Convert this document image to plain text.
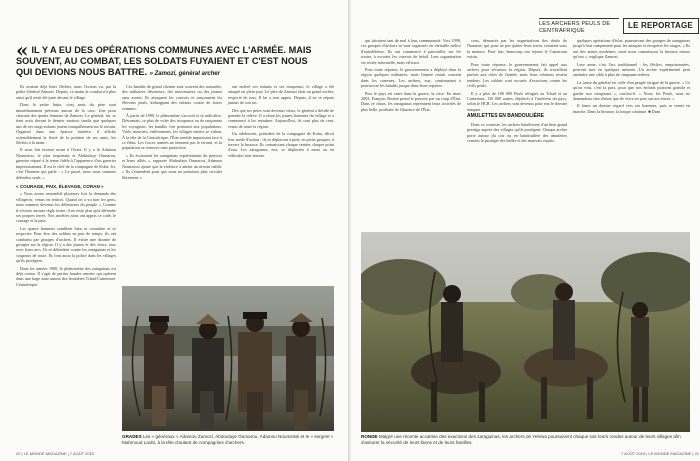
« IL Y A EU DES OPÉRATIONS COMMUNES AVEC L'ARMÉE. MAIS SOUVENT, AU COMBAT, LES SOLDATS FUYAIENT ET C'EST NOUS QUI DEVIONS NOUS BATTRE. » Zamozi, général archer

Ils avaient déjà leurs flèches, nous l'avions vu, par la petite Général Zamozi. Depuis, ce matin le combat n'a plus ainsi qu'il avait été juste devant le village.

Dans la petite hutte, cinq amis du père sont immédiatement présents autour de la case. Une pour chacune des quatre femmes de Zamozi. Le général, lui, se tient assis devant le dernier maison, tandis que quelques uns de ses vingt enfants jouent tranquillement sur le terrain. Organisé dans une épaisse barrière, il affiche ostensiblement la fierté de la poitrine de ses amis, les flèches à la main.

Il nous fait revenir avant à l'écart. Il y a là Adamou Noumsissi, le plus important et Abdoulaye Oumarou, guerrier réputé à la tenue fidèle à l'apparence d'un guerrier impressionnant. Il est le chef de la compagnie de Koba. Ici, c'est l'homme qui parle : « Le passé, nous nous sommes défendus seuls. »

« COURAGE, PAIX, ÉLEVAGE, CORAN »

« Nous avons rassemblé plusieurs fois la demande des villageois, venus en renfort. Quand on a vu tuer les gens, nous sommes devenus les défenseurs du peuple. » Comme il n'existe aucune règle écrite, il ne reste plus qu'à défendre ses propres terres. Nos ancêtres nous ont appris ce code, le courage et la paix.

Les quatre hommes semblent bien se connaître et se respecter. Pour être des soldats en peu de temps, ils ont combattu par groupes d'archers. Il existe une dizaine de groupes sur la région. Il y a des jeunes et des vieux, tous avec leurs arcs. Ils se défendent contre les zaraguinas et les coupeurs de route. Ils font aussi la police dans les villages qu'ils protègent.

Dans les années 1980, le phénomène des zaraguinas est déjà connu. Il s'agit de petites bandes armées qui opèrent dans une large zone autour des frontières Tchad-Cameroun-Centrafrique.

Ces bandits de grand chemin sont souvent des nomades, des militaires déserteurs, des mercenaires ou des jeunes sans avenir. Ils attaquent les convois et rançonnent les éleveurs peuls, kidnappant des enfants contre de fortes sommes.

À partir de 1990, le phénomène s'accroît et se radicalise. Désormais, ce plus de voler des troupeaux ou de rançonner les voyageurs, les bandits s'en prennent aux populations. Viols, meurtres, enlèvements, les villages entiers se vident. À la tête de la Centrafrique, l'État semble impuissant face à ce fléau. Les forces armées ne tiennent pas le terrain, et la population se retrouve sans protection.

« Ils écrasaient les zaraguinas représentants du pouvoir et leurs alliés », rapporte Abdoulaye Oumarou. Adamou Noumsissi ajoute que la violence a atteint un niveau inédit. « Ils s'entendent pour que nous ne puissions plus circuler librement. »

ont enlevé ses enfants et ses troupeaux, le village a été attaqué en plein jour. Le père de Zamozi était un grand archer, respecté de tous. Il lui a tout appris. Depuis, il ne se sépare jamais de son arc.

Dès que ses pères sont devenus vieux, le général a décidé de prendre la relève. Il a réuni les jeunes hommes du village et a commencé à les entraîner. Aujourd'hui, ils sont plus de cent, venus de toute la région.

Un adolescent, président de la compagnie de Koba, décrit leur mode d'action : ils se déplacent à pied, en petits groupes, à travers la brousse. Ils connaissent chaque sentier, chaque point d'eau. Les zaraguinas, eux, se déplacent à moto ou en véhicules tout-terrain.

GRADES Les « généraux » Adamou Zamozi, Abdoulaye Oumarou, Adamou Noumsissi et le « sergent » Mahmoud Laobi, à la tête d'autant de compagnies d'archers.
20 | LE MONDE MAGAZINE | 7 AOÛT 2010
LES ARCHERS PEULS DE CENTRAFRIQUE
LE REPORTAGE

qui faisaient tant de mal à leur communauté. Vers 1998, ces groupes d'archers se sont organisés en véritable milice d'autodéfense. Ils ont commencé à patrouiller sur les routes, à escorter les convois de bétail. Leur organisation est restée informelle, mais efficace.

Pour toute réponse, le gouvernement a déployé dans la région quelques militaires, mais l'armée restait souvent dans les casernes. Les archers, eux, continuaient à poursuivre les bandits jusque dans leurs repaires.

Puis le pays est entré dans la guerre, la crise. En mars 2003, François Bozizé prend le pouvoir par un coup d'État. Dans ce chaos, les zaraguinas reprennent leurs activités de plus belle, profitant de l'absence de l'État.

ceux, dénoncés par les organisations des droits de l'homme, qui, pour ne pas quitter leurs terres, restaient sous la menace. Pour fuir, beaucoup ont rejoint le Cameroun voisin.

Pour toute réponse, le gouvernement fait appel aux archers pour sécuriser la région. Depuis, ils travaillent parfois aux côtés de l'armée, mais leurs relations restent tendues. Les soldats sont accusés d'exactions contre les civils peuls.

Il y a plus de 100 000 Peuls réfugiés au Tchad et au Cameroun, 136 000 autres, déplacés à l'intérieur du pays, selon le HCR. Les archers sont devenus pour eux le dernier rempart.

AMULETTES EN BANDOULIÈRE

Dans ce contexte, les archers bénéficient d'un bien grand prestige auprès des villages qu'ils protègent. Chaque archer porte autour du cou ou en bandoulière des amulettes censées le protéger des balles et des mauvais esprits.

quelques opérations d'éclat, poursuivant des groupes de zaraguinas jusqu'à leur campement pour les attaquer et récupérer les otages. « Ils ont des armes modernes, mais nous connaissons la brousse mieux qu'eux », explique Zamozi.

Leur arme, c'est l'arc traditionnel : les flèches, empoisonnées, peuvent tuer en quelques minutes. Un archer expérimenté peut atteindre une cible à plus de cinquante mètres.

La cause du général est celle d'un peuple fatigué de la guerre. « Ce qu'on veut, c'est la paix, pour que nos enfants puissent grandir et garder nos troupeaux », conclut-il. « Nous, les Peuls, nous ne demandons rien d'autre que de vivre en paix sur nos terres. »

Il lance un dernier regard vers ses hommes, puis se remet en marche. Dans la brousse, la traque continue. ■ Dans

RONDE Malgré une récente accalmie des exactions des zaraguinas, les archers de Yelewa poursuivent chaque soir leurs rondes autour de leurs villages afin d'assurer la sécurité de leurs biens et de leurs familles.
7 AOÛT 2010 | LE MONDE MAGAZINE | 21
